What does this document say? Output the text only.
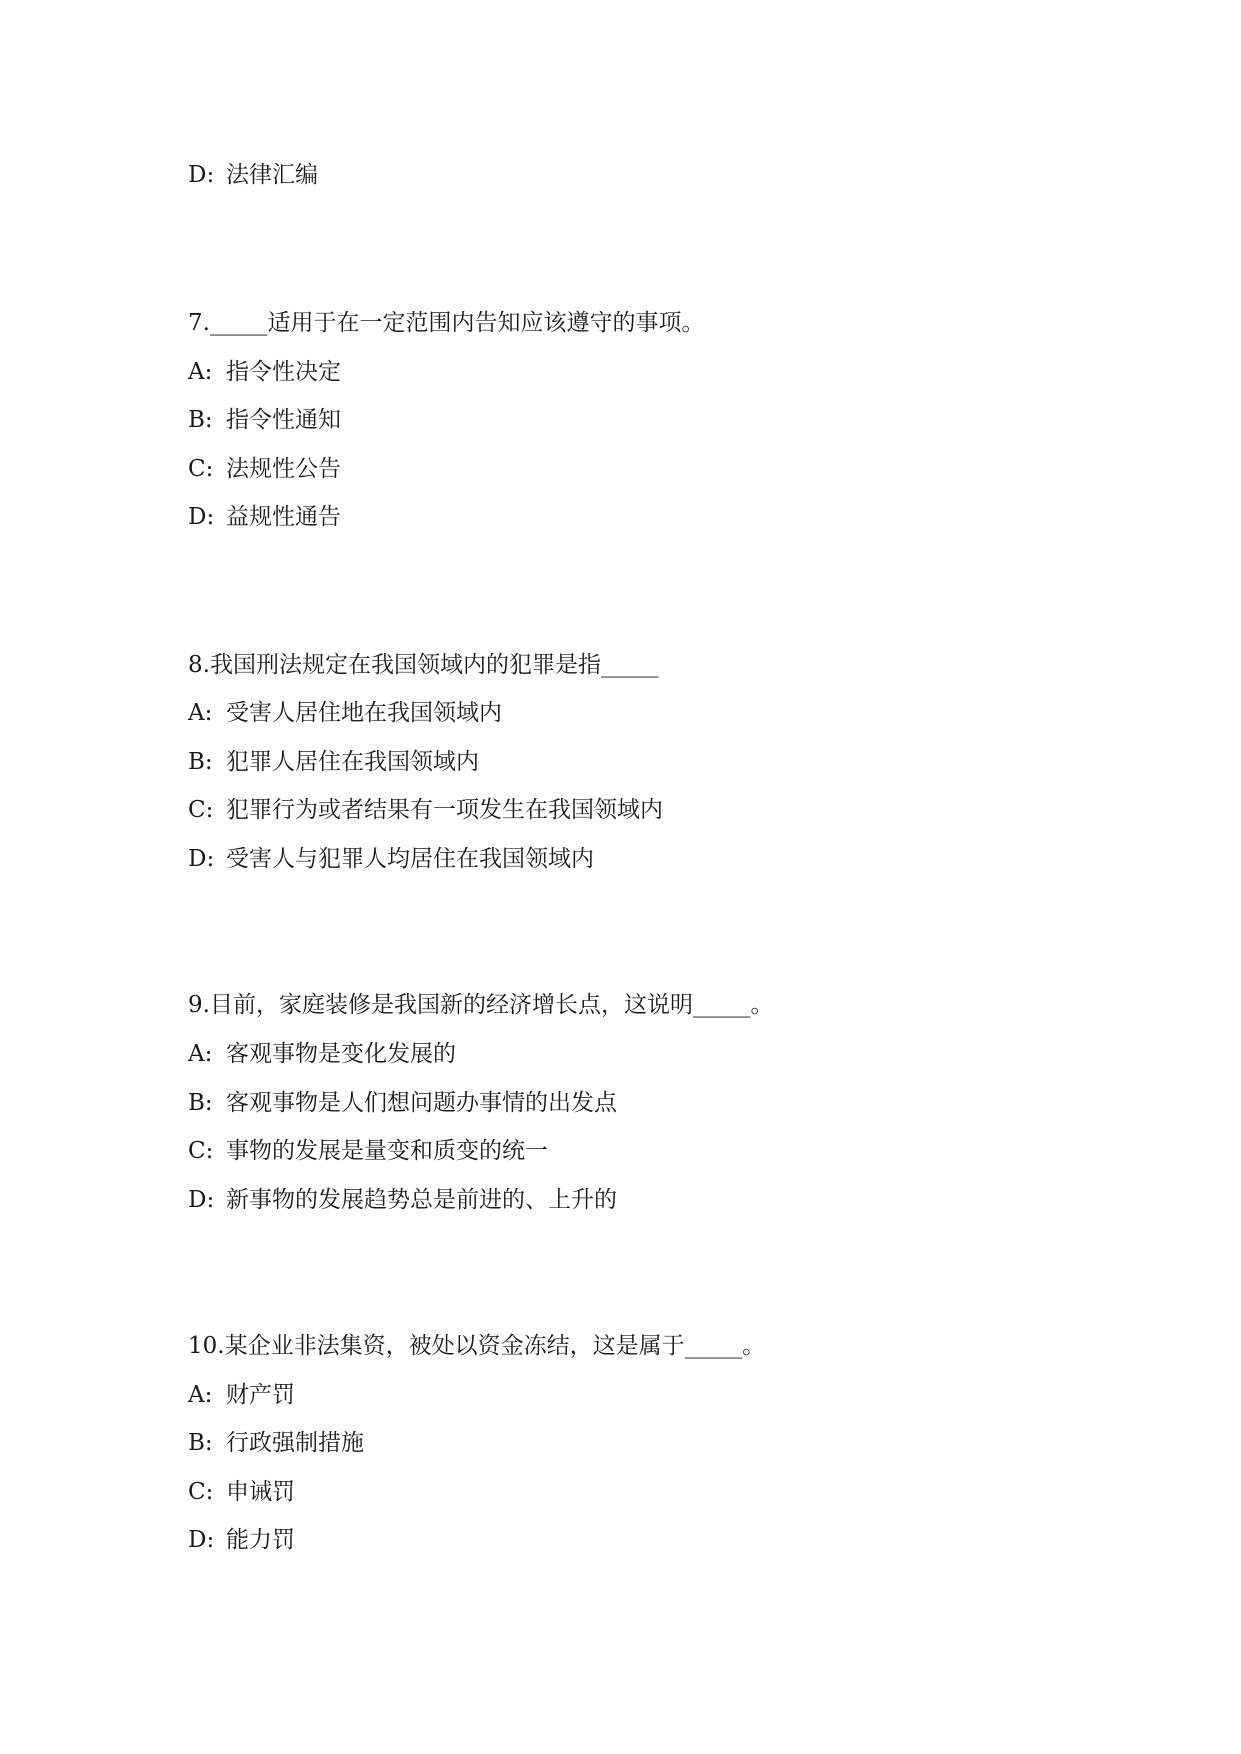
D: 法律汇编
7._____适用于在一定范围内告知应该遵守的事项。
A: 指令性决定
B: 指令性通知
C: 法规性公告
D: 益规性通告
8.我国刑法规定在我国领域内的犯罪是指_____
A: 受害人居住地在我国领域内
B: 犯罪人居住在我国领域内
C: 犯罪行为或者结果有一项发生在我国领域内
D: 受害人与犯罪人均居住在我国领域内
9.目前，家庭装修是我国新的经济增长点，这说明_____。
A: 客观事物是变化发展的
B: 客观事物是人们想问题办事情的出发点
C: 事物的发展是量变和质变的统一
D: 新事物的发展趋势总是前进的、上升的
10.某企业非法集资，被处以资金冻结，这是属于_____。
A: 财产罚
B: 行政强制措施
C: 申诫罚
D: 能力罚
